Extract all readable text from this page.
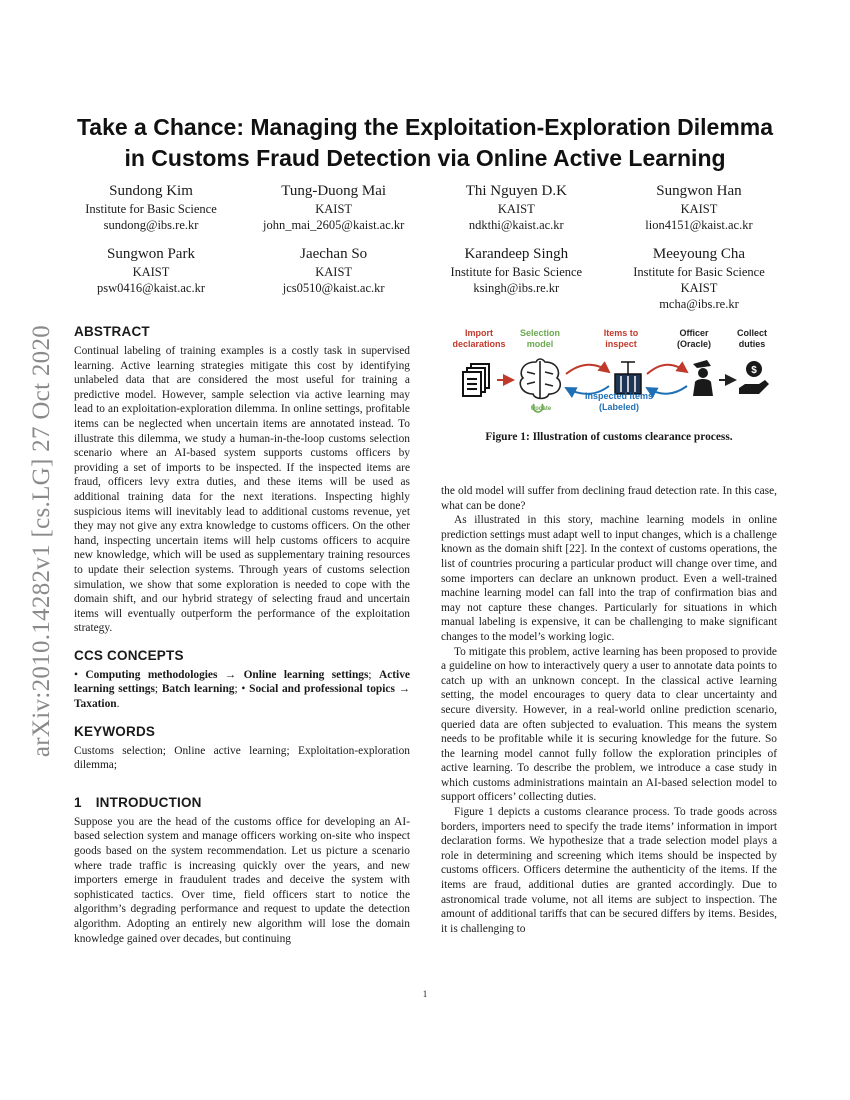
arXiv:2010.14282v1 [cs.LG] 27 Oct 2020
Take a Chance: Managing the Exploitation-Exploration Dilemma
in Customs Fraud Detection via Online Active Learning
Sundong Kim
Institute for Basic Science
sundong@ibs.re.kr
Tung-Duong Mai
KAIST
john_mai_2605@kaist.ac.kr
Thi Nguyen D.K
KAIST
ndkthi@kaist.ac.kr
Sungwon Han
KAIST
lion4151@kaist.ac.kr
Sungwon Park
KAIST
psw0416@kaist.ac.kr
Jaechan So
KAIST
jcs0510@kaist.ac.kr
Karandeep Singh
Institute for Basic Science
ksingh@ibs.re.kr
Meeyoung Cha
Institute for Basic Science
KAIST
mcha@ibs.re.kr
ABSTRACT

Continual labeling of training examples is a costly task in supervised learning. Active learning strategies mitigate this cost by identifying unlabeled data that are considered the most useful for training a predictive model. However, sample selection via active learning may lead to an exploitation-exploration dilemma. In online settings, profitable items can be neglected when uncertain items are annotated instead. To illustrate this dilemma, we study a human-in-the-loop customs selection scenario where an AI-based system supports customs officers by providing a set of imports to be inspected. If the inspected items are fraud, officers levy extra duties, and these items will be used as additional training data for the next iterations. Inspecting highly suspicious items will inevitably lead to additional customs revenue, yet they may not give any extra knowledge to customs officers. On the other hand, inspecting uncertain items will help customs officers to acquire new knowledge, which will be used as supplementary training resources to update their selection systems. Through years of customs selection simulation, we show that some exploration is needed to cope with the domain shift, and our hybrid strategy of selecting fraud and uncertain items will eventually outperform the performance of the exploitation strategy.

CCS CONCEPTS

• Computing methodologies → Online learning settings; Active learning settings; Batch learning; • Social and professional topics → Taxation.

KEYWORDS

Customs selection; Online active learning; Exploitation-exploration dilemma;

1 INTRODUCTION

Suppose you are the head of the customs office for developing an AI-based selection system and manage officers working on-site who inspect goods based on the system recommendation. Let us picture a scenario where trade traffic is increasing quickly over the years, and new importers emerge in fraudulent trades and deceive the system with sophisticated tactics. Over time, field officers start to notice the algorithm’s degrading performance and request to update the detection algorithm. Adopting an entirely new algorithm will lose the domain knowledge gained over decades, but continuing

$
Import declarations
Selection model
Items to inspect
Officer (Oracle)
Collect duties
Update
Inspected items (Labeled)
Figure 1: Illustration of customs clearance process.

the old model will suffer from declining fraud detection rate. In this case, what can be done?

As illustrated in this story, machine learning models in online prediction settings must adapt well to input changes, which is a challenge known as the domain shift [22]. In the context of customs operations, the list of countries procuring a particular product will change over time, and some importers can declare an unknown product. Even a well-trained machine learning model can fall into the trap of confirmation bias and may not capture these changes. Particularly for situations in which manual labeling is expensive, it can be challenging to make significant changes to the model’s working logic.

To mitigate this problem, active learning has been proposed to provide a guideline on how to interactively query a user to annotate data points to catch up with an unknown concept. In the classical active learning setting, the model encourages to query data to clear uncertainty and secure diversity. However, in a real-world online prediction scenario, queried data are often subjected to evaluation. This means the system needs to be profitable while it is securing knowledge for the future. So the learning model cannot fully follow the exploration principles of active learning. To describe the problem, we introduce a case study in which customs administrations maintain an AI-based selection model to support officers’ collecting duties.

Figure 1 depicts a customs clearance process. To trade goods across borders, importers need to specify the trade items’ information in import declaration forms. We hypothesize that a trade selection model plays a role in determining and screening which items should be inspected by customs officers. Officers determine the authenticity of the items. If the items are fraud, additional duties are granted accordingly. Due to astronomical trade volume, not all items are subject to inspection. The amount of additional tariffs that can be secured differs by items. Besides, it is challenging to

1
